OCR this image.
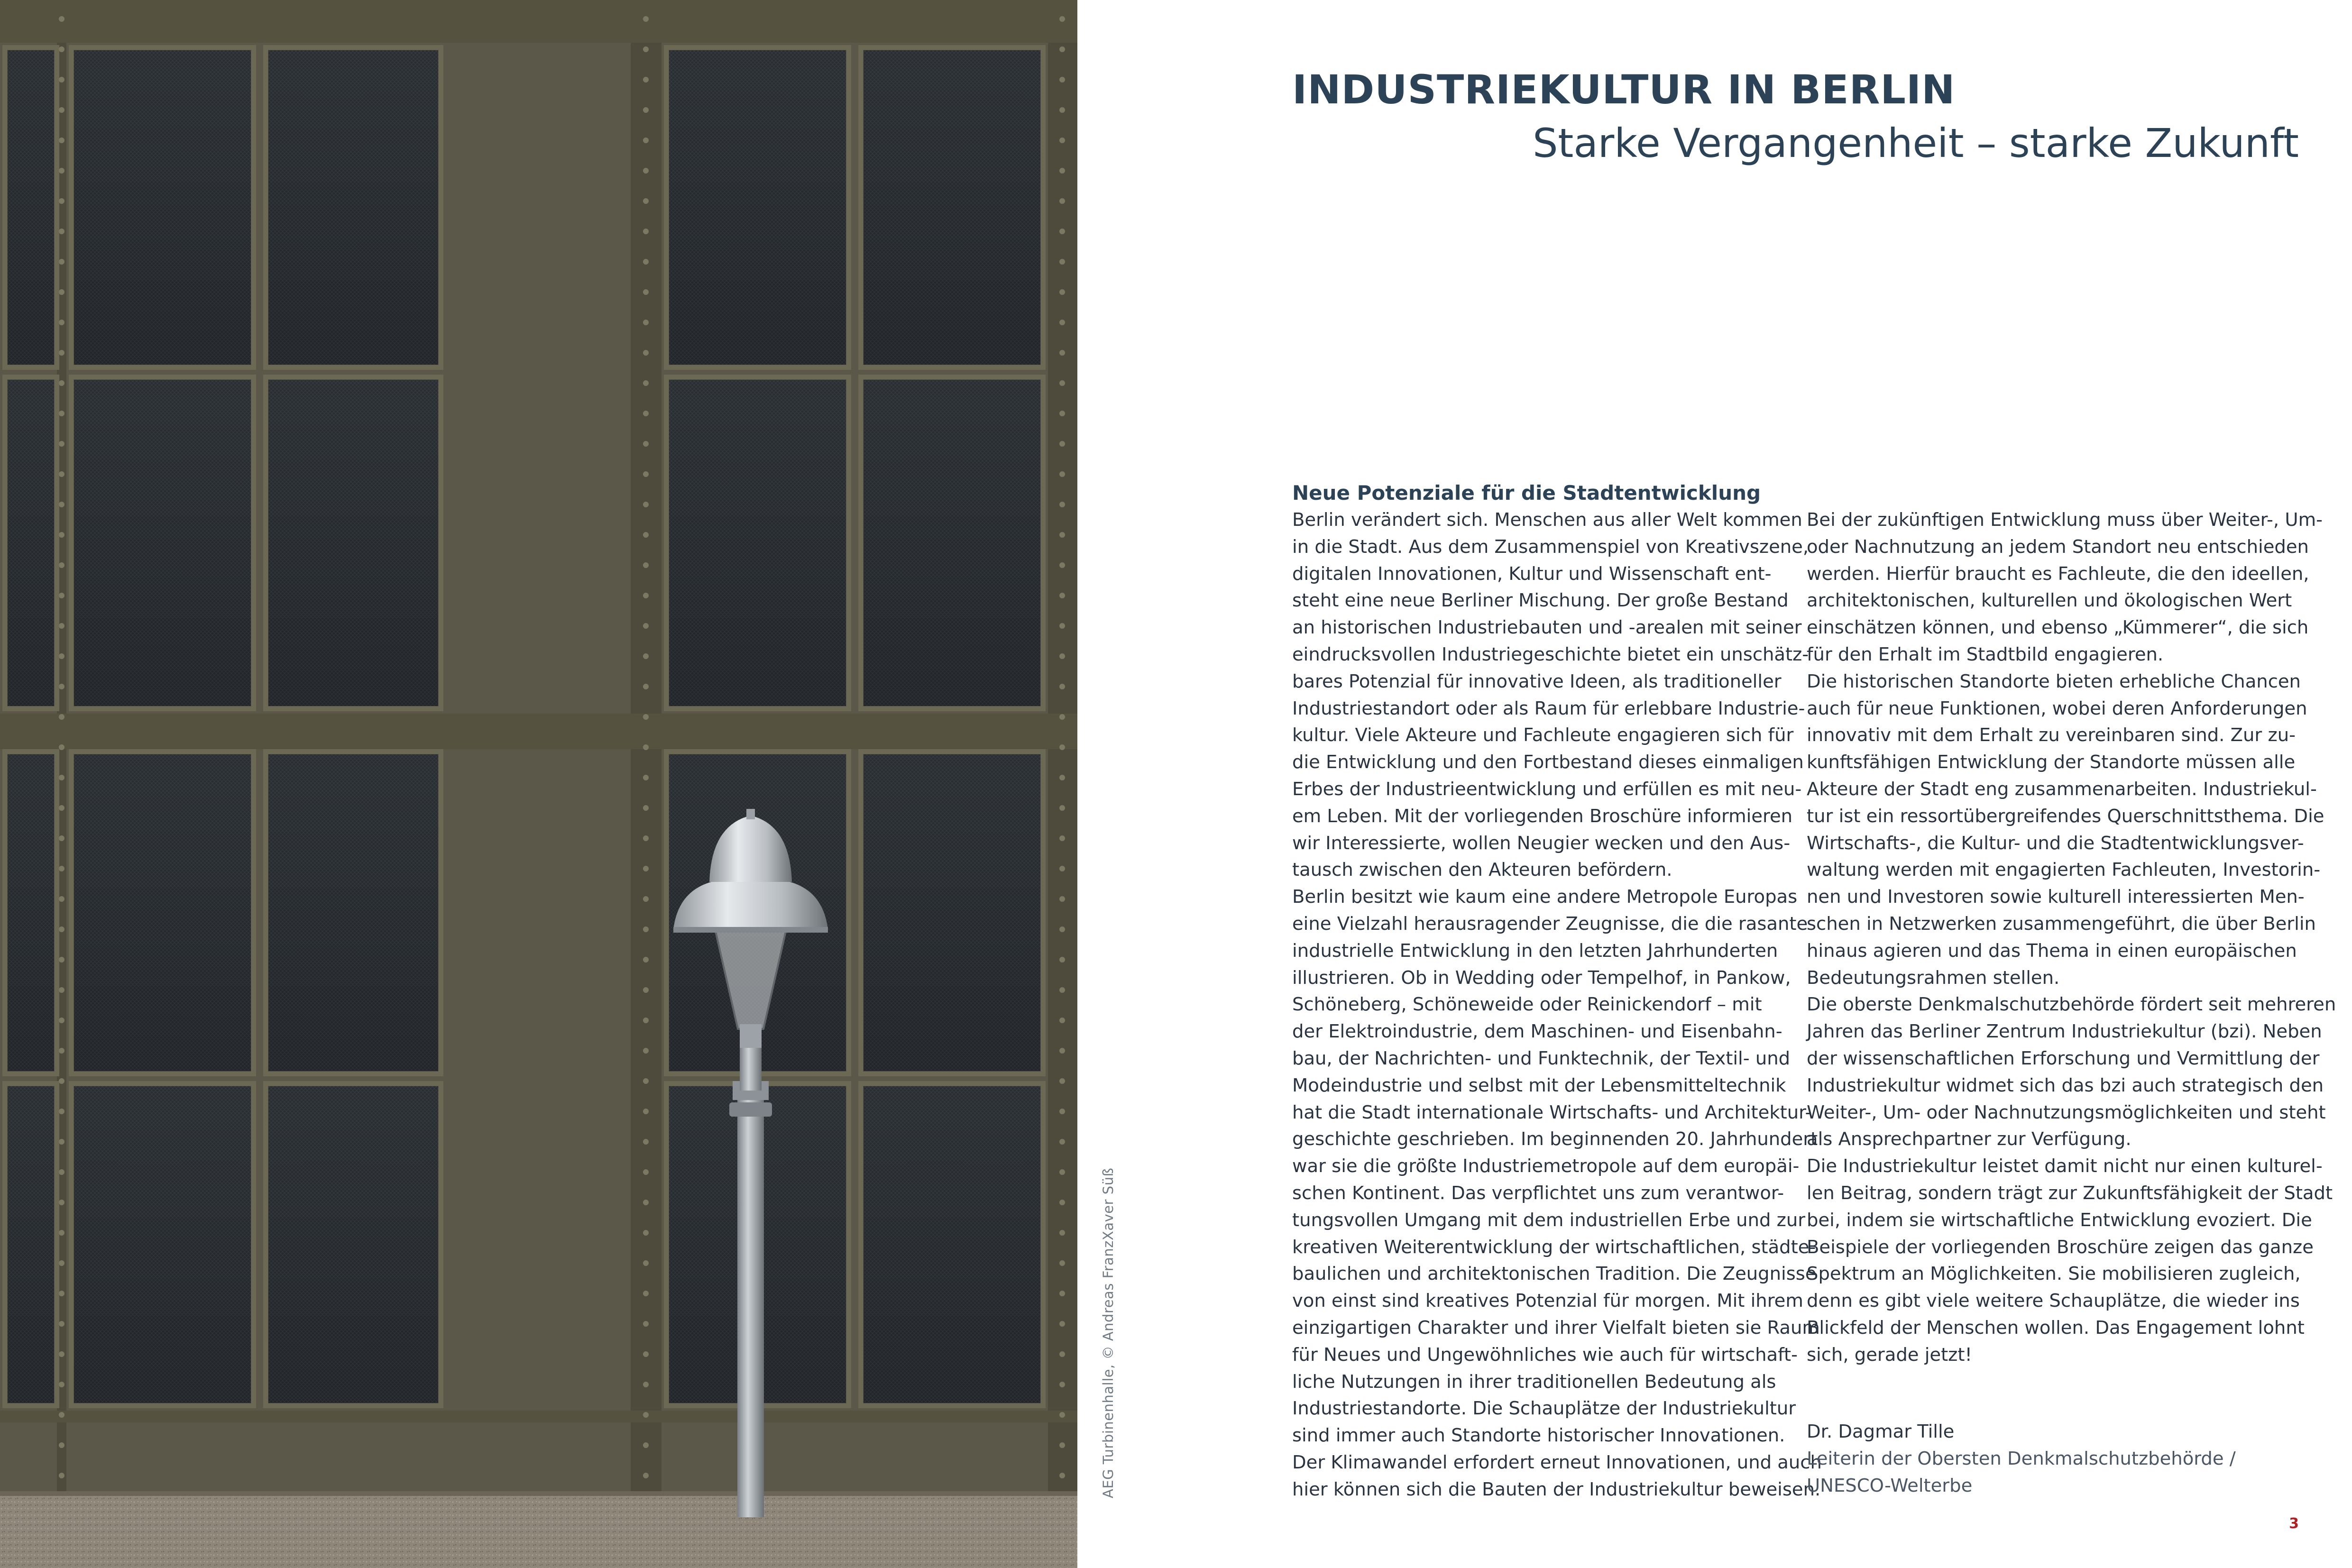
AEG Turbinenhalle, © Andreas FranzXaver Süß
INDUSTRIEKULTUR IN BERLIN
Starke Vergangenheit – starke Zukunft
Neue Potenziale für die Stadtentwicklung
Berlin verändert sich. Menschen aus aller Welt kommen
in die Stadt. Aus dem Zusammenspiel von Kreativszene,
digitalen Innovationen, Kultur und Wissenschaft ent-
steht eine neue Berliner Mischung. Der große Bestand
an historischen Industriebauten und -arealen mit seiner
eindrucksvollen Industriegeschichte bietet ein unschätz-
bares Potenzial für innovative Ideen, als traditioneller
Industriestandort oder als Raum für erlebbare Industrie-
kultur. Viele Akteure und Fachleute engagieren sich für
die Entwicklung und den Fortbestand dieses einmaligen
Erbes der Industrieentwicklung und erfüllen es mit neu-
em Leben. Mit der vorliegenden Broschüre informieren
wir Interessierte, wollen Neugier wecken und den Aus-
tausch zwischen den Akteuren befördern.
Berlin besitzt wie kaum eine andere Metropole Europas
eine Vielzahl herausragender Zeugnisse, die die rasante
industrielle Entwicklung in den letzten Jahrhunderten
illustrieren. Ob in Wedding oder Tempelhof, in Pankow,
Schöneberg, Schöneweide oder Reinickendorf – mit
der Elektroindustrie, dem Maschinen- und Eisenbahn-
bau, der Nachrichten- und Funktechnik, der Textil- und
Modeindustrie und selbst mit der Lebensmitteltechnik
hat die Stadt internationale Wirtschafts- und Architektur-
geschichte geschrieben. Im beginnenden 20. Jahrhundert
war sie die größte Industriemetropole auf dem europäi-
schen Kontinent. Das verpflichtet uns zum verantwor-
tungsvollen Umgang mit dem industriellen Erbe und zur
kreativen Weiterentwicklung der wirtschaftlichen, städte-
baulichen und architektonischen Tradition. Die Zeugnisse
von einst sind kreatives Potenzial für morgen. Mit ihrem
einzigartigen Charakter und ihrer Vielfalt bieten sie Raum
für Neues und Ungewöhnliches wie auch für wirtschaft-
liche Nutzungen in ihrer traditionellen Bedeutung als
Industriestandorte. Die Schauplätze der Industriekultur
sind immer auch Standorte historischer Innovationen.
Der Klimawandel erfordert erneut Innovationen, und auch
hier können sich die Bauten der Industriekultur beweisen.
Bei der zukünftigen Entwicklung muss über Weiter-, Um-
oder Nachnutzung an jedem Standort neu entschieden
werden. Hierfür braucht es Fachleute, die den ideellen,
architektonischen, kulturellen und ökologischen Wert
einschätzen können, und ebenso „Kümmerer“, die sich
für den Erhalt im Stadtbild engagieren.
Die historischen Standorte bieten erhebliche Chancen
auch für neue Funktionen, wobei deren Anforderungen
innovativ mit dem Erhalt zu vereinbaren sind. Zur zu-
kunftsfähigen Entwicklung der Standorte müssen alle
Akteure der Stadt eng zusammenarbeiten. Industriekul-
tur ist ein ressortübergreifendes Querschnittsthema. Die
Wirtschafts-, die Kultur- und die Stadtentwicklungsver-
waltung werden mit engagierten Fachleuten, Investorin-
nen und Investoren sowie kulturell interessierten Men-
schen in Netzwerken zusammengeführt, die über Berlin
hinaus agieren und das Thema in einen europäischen
Bedeutungsrahmen stellen.
Die oberste Denkmalschutzbehörde fördert seit mehreren
Jahren das Berliner Zentrum Industriekultur (bzi). Neben
der wissenschaftlichen Erforschung und Vermittlung der
Industriekultur widmet sich das bzi auch strategisch den
Weiter-, Um- oder Nachnutzungsmöglichkeiten und steht
als Ansprechpartner zur Verfügung.
Die Industriekultur leistet damit nicht nur einen kulturel-
len Beitrag, sondern trägt zur Zukunftsfähigkeit der Stadt
bei, indem sie wirtschaftliche Entwicklung evoziert. Die
Beispiele der vorliegenden Broschüre zeigen das ganze
Spektrum an Möglichkeiten. Sie mobilisieren zugleich,
denn es gibt viele weitere Schauplätze, die wieder ins
Blickfeld der Menschen wollen. Das Engagement lohnt
sich, gerade jetzt!
Dr. Dagmar Tille
Leiterin der Obersten Denkmalschutzbehörde /
UNESCO-Welterbe
3
